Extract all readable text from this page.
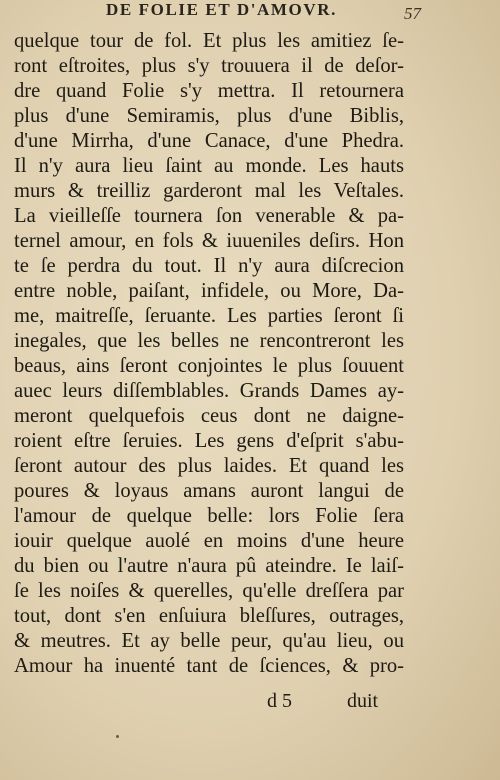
DE FOLIE ET D'AMOVR.	57
quelque tour de fol. Et plus les amitiez ſe-
ront eſtroites, plus s'y trouuera il de deſor-
dre quand Folie s'y mettra. Il retournera
plus d'une Semiramis, plus d'une Biblis,
d'une Mirrha, d'une Canace, d'une Phedra.
Il n'y aura lieu ſaint au monde. Les hauts
murs & treilliz garderont mal les Veſtales.
La vieilleſſe tournera ſon venerable & pa-
ternel amour, en fols & iuueniles deſirs. Hon
te ſe perdra du tout. Il n'y aura diſcrecion
entre noble, paiſant, infidele, ou More, Da-
me, maitreſſe, ſeruante. Les parties ſeront ſi
inegales, que les belles ne rencontreront les
beaus, ains ſeront conjointes le plus ſouuent
auec leurs diſſemblables. Grands Dames ay-
meront quelquefois ceus dont ne daigne-
roient eſtre ſeruies. Les gens d'eſprit s'abu-
ſeront autour des plus laides. Et quand les
poures & loyaus amans auront langui de
l'amour de quelque belle: lors Folie ſera
iouir quelque auolé en moins d'une heure
du bien ou l'autre n'aura pû ateindre. Ie laiſ-
ſe les noiſes & querelles, qu'elle dreſſera par
tout, dont s'en enſuiura bleſſures, outrages,
& meutres. Et ay belle peur, qu'au lieu, ou
Amour ha inuenté tant de ſciences, & pro-
d 5	duit
